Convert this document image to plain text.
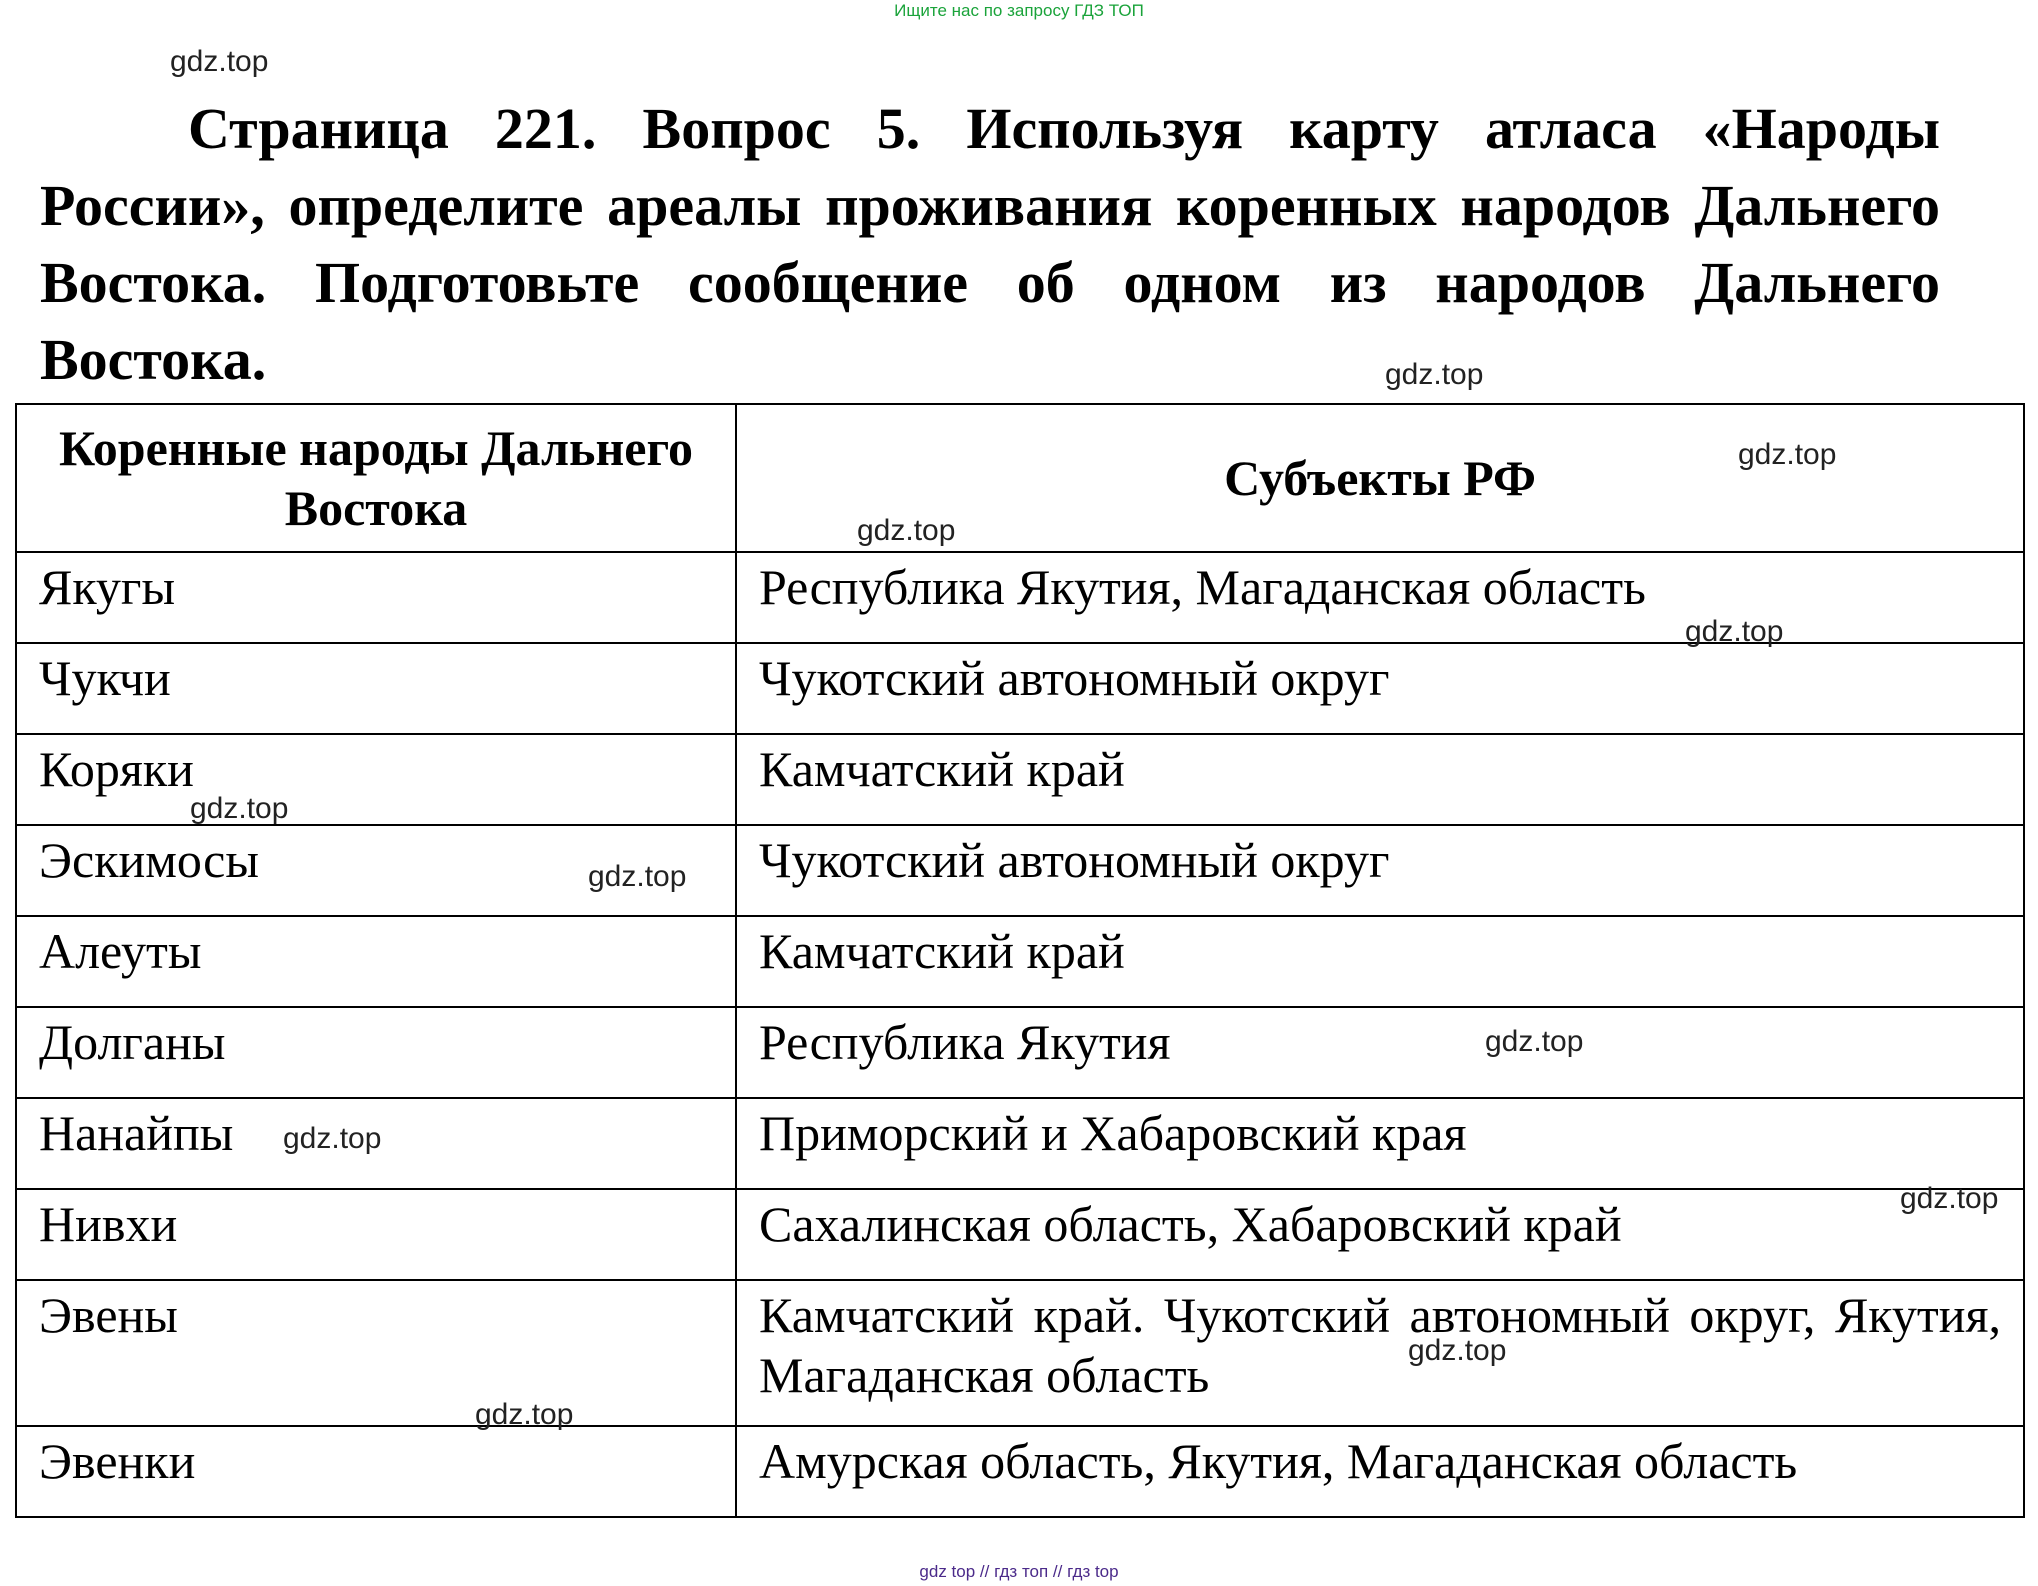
Ищите нас по запросу ГДЗ ТОП
Страница 221. Вопрос 5. Используя карту атласа «Народы России», определите ареалы проживания коренных народов Дальнего Востока. Подготовьте сообщение об одном из народов Дальнего Востока.
Коренные народы Дальнего Востока	Субъекты РФ
Якугы	Республика Якутия, Магаданская область
Чукчи	Чукотский автономный округ
Коряки	Камчатский край
Эскимосы	Чукотский автономный округ
Алеуты	Камчатский край
Долганы	Республика Якутия
Нанайпы	Приморский и Хабаровский края
Нивхи	Сахалинская область, Хабаровский край
Эвены	Камчатский край. Чукотский автономный округ, Якутия, Магаданская область
Эвенки	Амурская область, Якутия, Магаданская область
gdz.top
gdz.top
gdz.top
gdz.top
gdz.top
gdz.top
gdz.top
gdz.top
gdz.top
gdz.top
gdz.top
gdz.top
gdz top // гдз топ // гдз top
